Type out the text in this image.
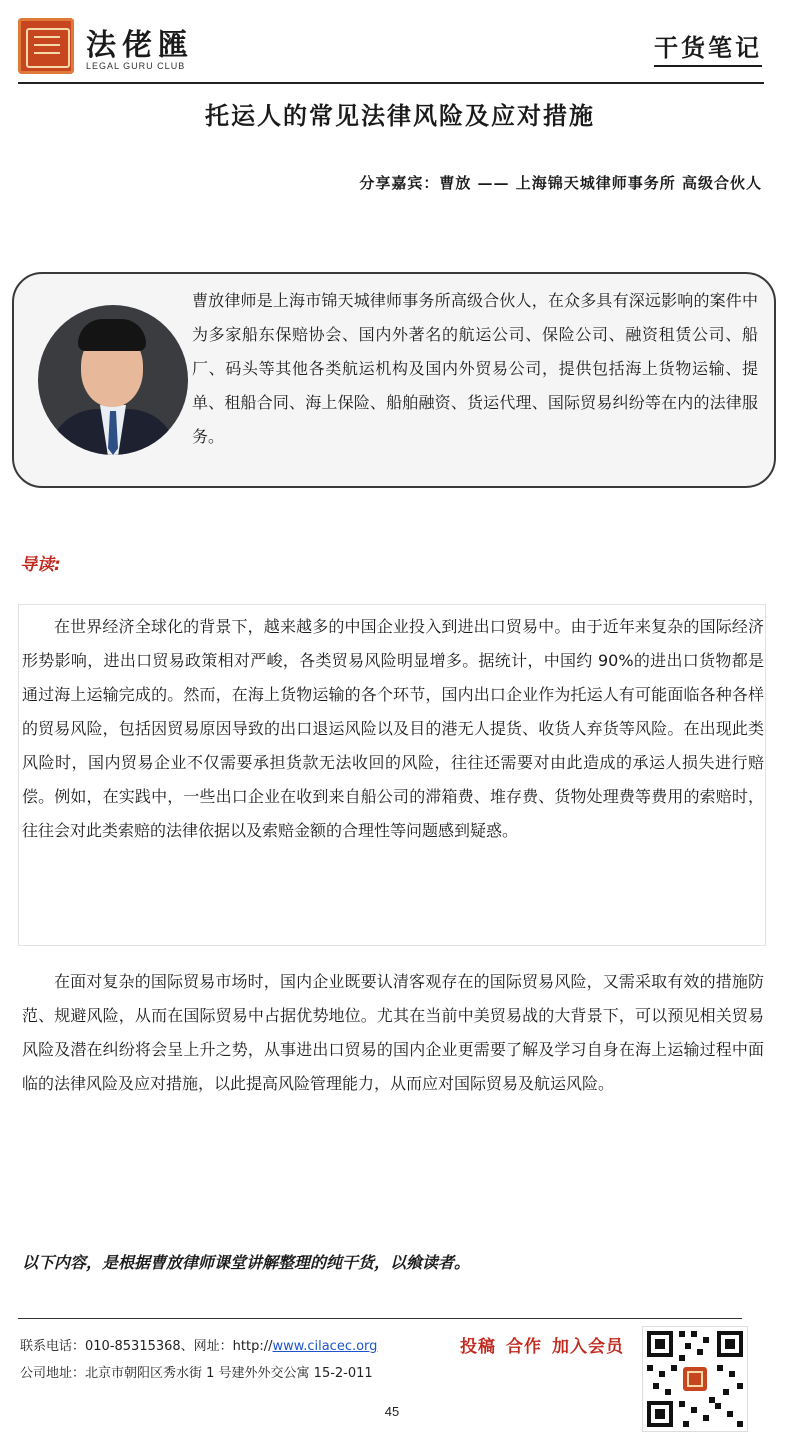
法佬匯
LEGAL GURU CLUB
干货笔记
托运人的常见法律风险及应对措施
分享嘉宾：曹放 —— 上海锦天城律师事务所 高级合伙人
曹放律师是上海市锦天城律师事务所高级合伙人，在众多具有深远影响的案件中为多家船东保赔协会、国内外著名的航运公司、保险公司、融资租赁公司、船厂、码头等其他各类航运机构及国内外贸易公司，提供包括海上货物运输、提单、租船合同、海上保险、船舶融资、货运代理、国际贸易纠纷等在内的法律服务。
导读:
在世界经济全球化的背景下，越来越多的中国企业投入到进出口贸易中。由于近年来复杂的国际经济形势影响，进出口贸易政策相对严峻，各类贸易风险明显增多。据统计，中国约 90%的进出口货物都是通过海上运输完成的。然而，在海上货物运输的各个环节，国内出口企业作为托运人有可能面临各种各样的贸易风险，包括因贸易原因导致的出口退运风险以及目的港无人提货、收货人弃货等风险。在出现此类风险时，国内贸易企业不仅需要承担货款无法收回的风险，往往还需要对由此造成的承运人损失进行赔偿。例如，在实践中，一些出口企业在收到来自船公司的滞箱费、堆存费、货物处理费等费用的索赔时，往往会对此类索赔的法律依据以及索赔金额的合理性等问题感到疑惑。
在面对复杂的国际贸易市场时，国内企业既要认清客观存在的国际贸易风险，又需采取有效的措施防范、规避风险，从而在国际贸易中占据优势地位。尤其在当前中美贸易战的大背景下，可以预见相关贸易风险及潜在纠纷将会呈上升之势，从事进出口贸易的国内企业更需要了解及学习自身在海上运输过程中面临的法律风险及应对措施，以此提高风险管理能力，从而应对国际贸易及航运风险。
以下内容，是根据曹放律师课堂讲解整理的纯干货，以飨读者。
联系电话：010-85315368、网址：http://www.cilacec.org
公司地址：北京市朝阳区秀水街 1 号建外外交公寓 15-2-011
投稿 合作 加入会员
45
